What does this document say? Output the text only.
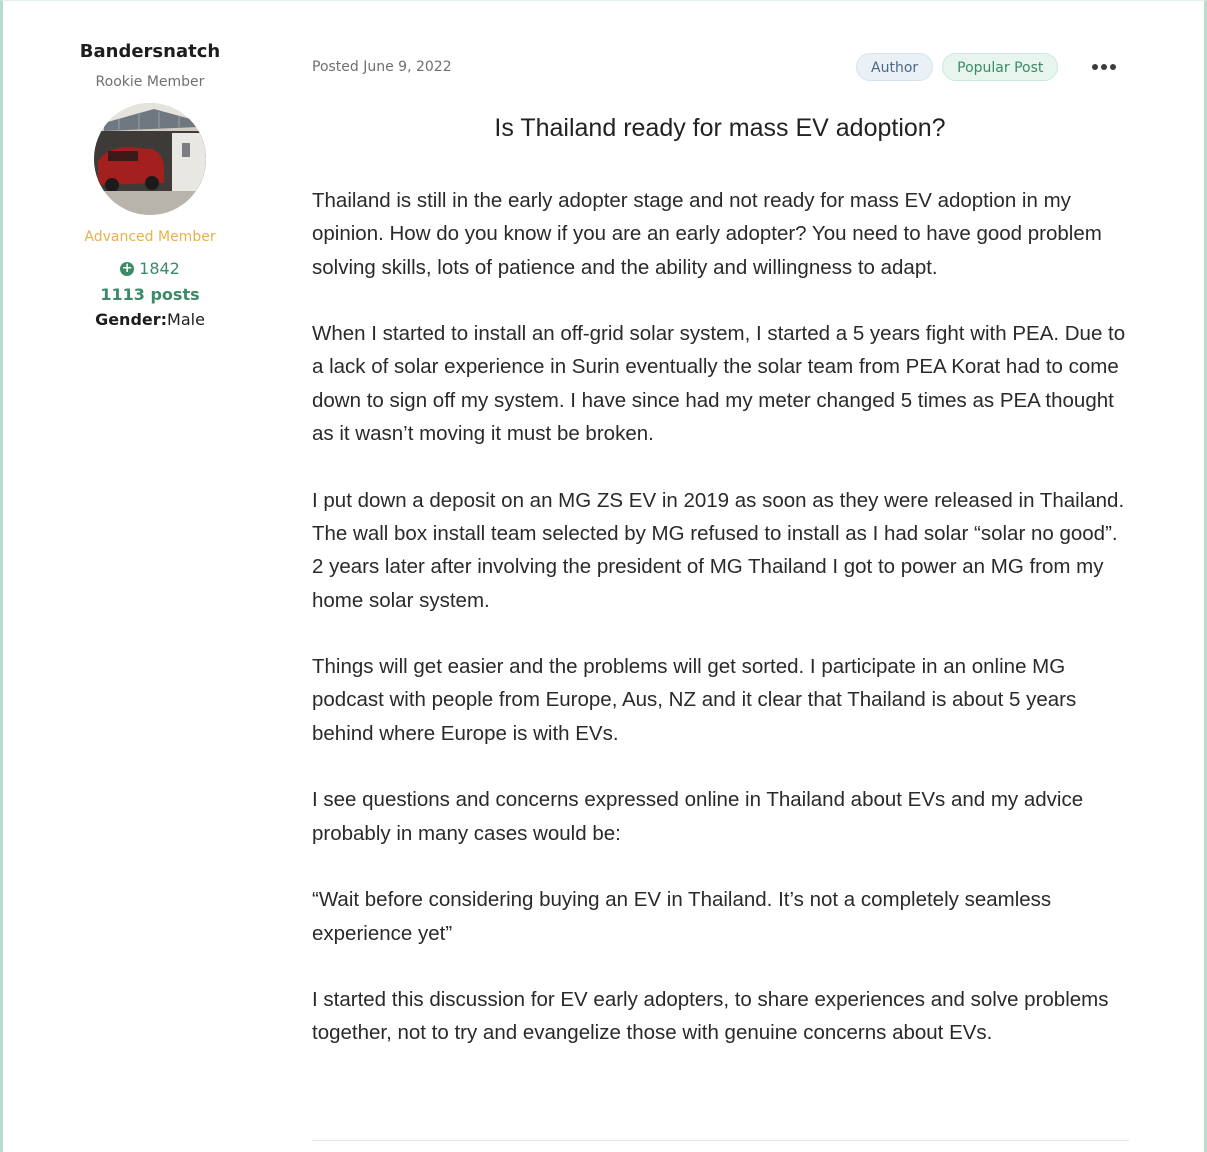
Bandersnatch
Rookie Member
Advanced Member
+ 1842
1113 posts
Gender:Male
Posted June 9, 2022	Author	Popular Post
Is Thailand ready for mass EV adoption?

Thailand is still in the early adopter stage and not ready for mass EV adoption in my opinion. How do you know if you are an early adopter? You need to have good problem solving skills, lots of patience and the ability and willingness to adapt.

When I started to install an off-grid solar system, I started a 5 years fight with PEA. Due to a lack of solar experience in Surin eventually the solar team from PEA Korat had to come down to sign off my system. I have since had my meter changed 5 times as PEA thought as it wasn’t moving it must be broken.

I put down a deposit on an MG ZS EV in 2019 as soon as they were released in Thailand. The wall box install team selected by MG refused to install as I had solar “solar no good”. 2 years later after involving the president of MG Thailand I got to power an MG from my home solar system.

Things will get easier and the problems will get sorted. I participate in an online MG podcast with people from Europe, Aus, NZ and it clear that Thailand is about 5 years behind where Europe is with EVs.

I see questions and concerns expressed online in Thailand about EVs and my advice probably in many cases would be:

“Wait before considering buying an EV in Thailand. It’s not a completely seamless experience yet”

I started this discussion for EV early adopters, to share experiences and solve problems together, not to try and evangelize those with genuine concerns about EVs.
